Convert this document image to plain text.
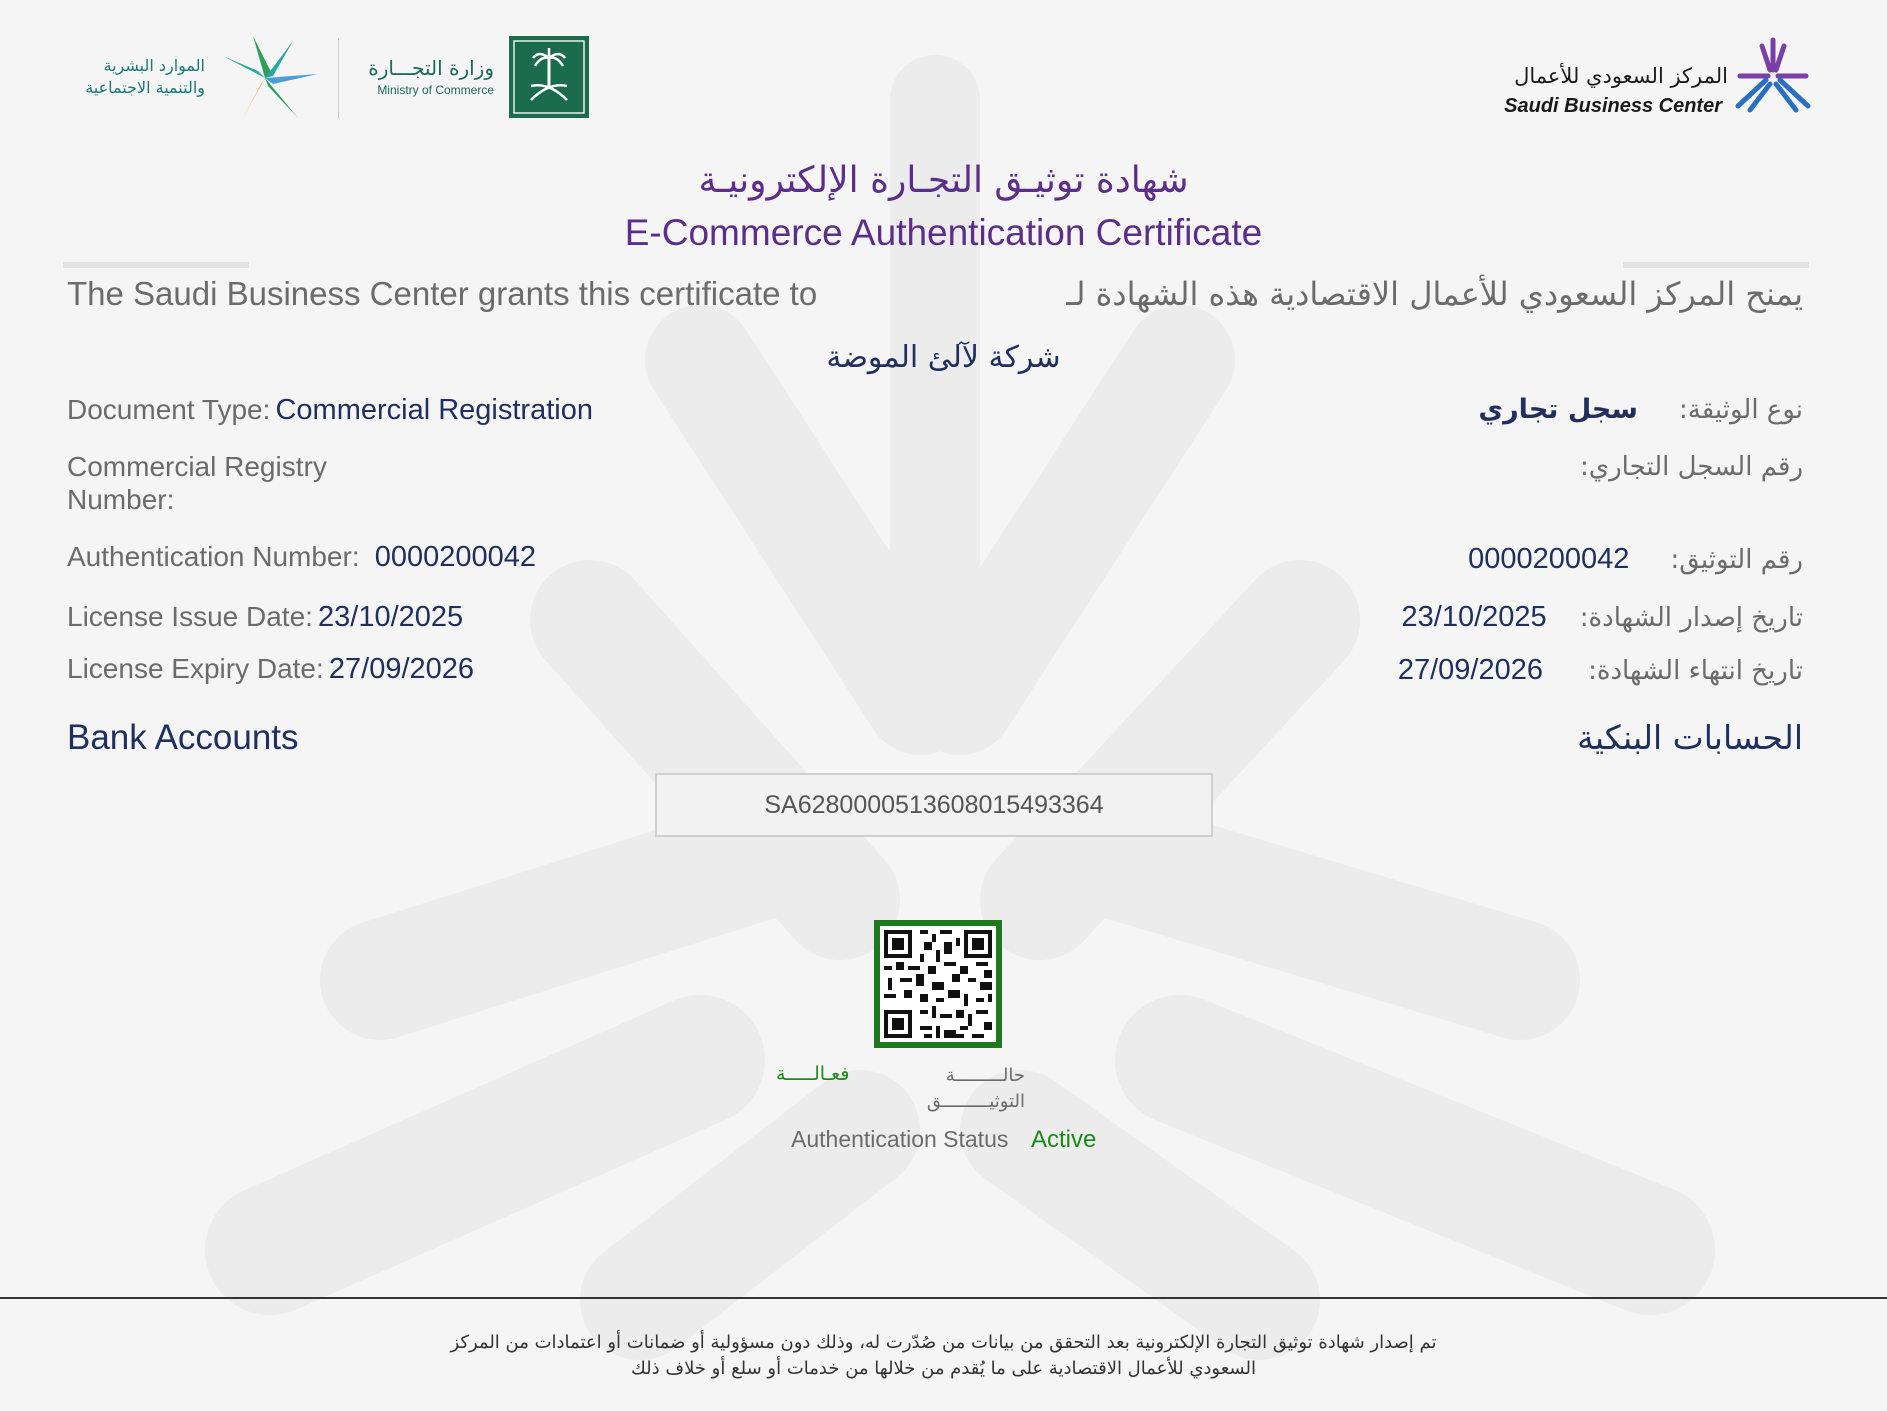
الموارد البشرية
والتنمية الاجتماعية
وزارة التجـــارة
Ministry of Commerce
المركز السعودي للأعمال
Saudi Business Center
شهادة توثيـق التجـارة الإلكترونيـة
E-Commerce Authentication Certificate
The Saudi Business Center grants this certificate to	يمنح المركز السعودي للأعمال الاقتصادية هذه الشهادة لـ
شركة لآلئ الموضة
Document Type: Commercial Registration	نوع الوثيقة: سجل تجاري
Commercial Registry
Number:
رقم السجل التجاري:
Authentication Number: 0000200042	رقم التوثيق: 0000200042
License Issue Date: 23/10/2025	تاريخ إصدار الشهادة: 23/10/2025
License Expiry Date: 27/09/2026	تاريخ انتهاء الشهادة: 27/09/2026
Bank Accounts	الحسابات البنكية
SA6280000513608015493364
حالـــــــــة
التوثيـــــــــق
فعـالـــــة
Authentication Status Active
تم إصدار شهادة توثيق التجارة الإلكترونية بعد التحقق من بيانات من صُدّرت له، وذلك دون مسؤولية أو ضمانات أو اعتمادات من المركز
السعودي للأعمال الاقتصادية على ما يُقدم من خلالها من خدمات أو سلع أو خلاف ذلك
